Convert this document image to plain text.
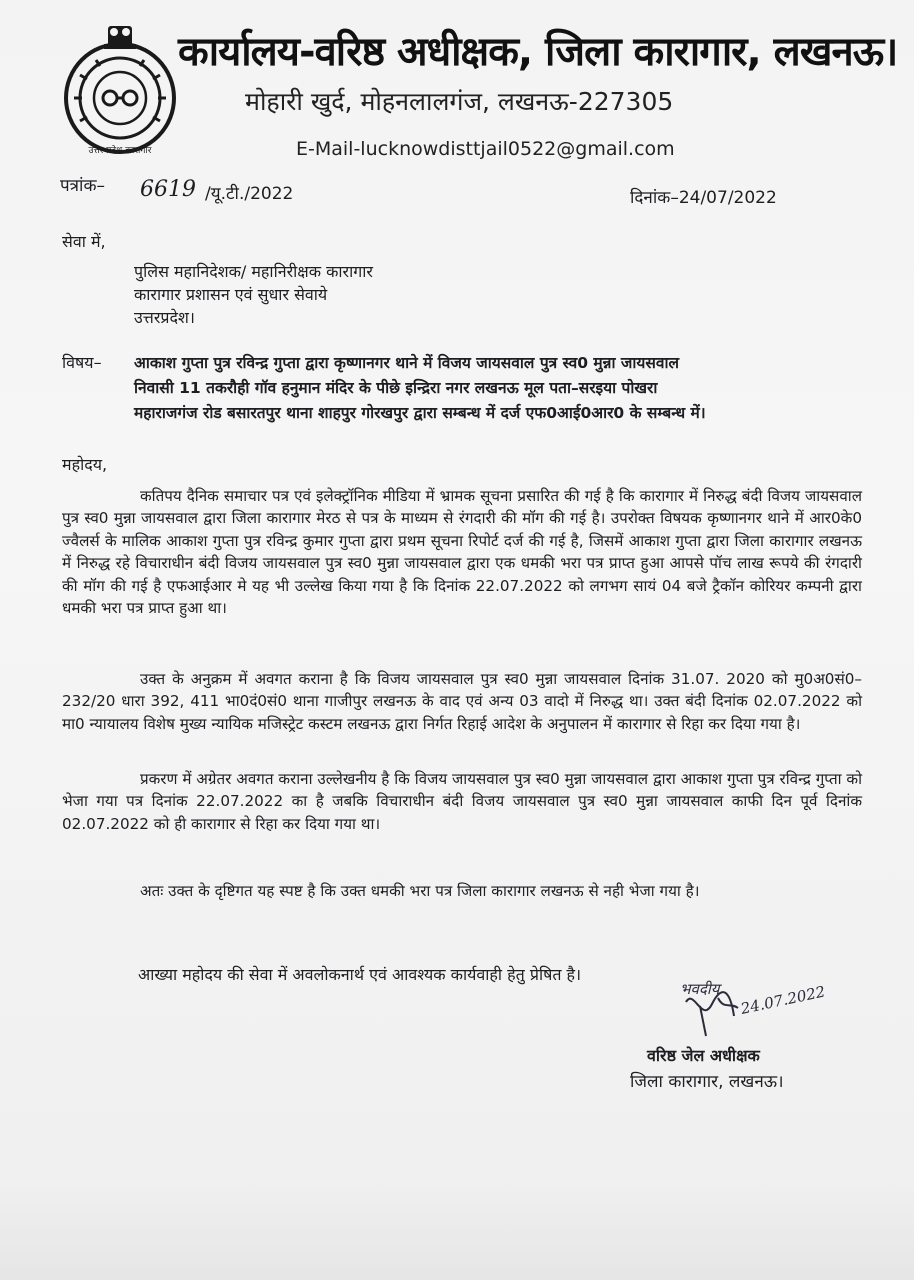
उत्तर प्रदेश कारागार
कार्यालय-वरिष्ठ अधीक्षक, जिला कारागार, लखनऊ।
मोहारी खुर्द, मोहनलालगंज, लखनऊ-227305
E-Mail-lucknowdisttjail0522@gmail.com
पत्रांक– 6619 /यू.टी./2022	दिनांक–24/07/2022
सेवा में,
पुलिस महानिदेशक/ महानिरीक्षक कारागार
कारागार प्रशासन एवं सुधार सेवाये
उत्तरप्रदेश।
विषय– आकाश गुप्ता पुत्र रविन्द्र गुप्ता द्वारा कृष्णानगर थाने में विजय जायसवाल पुत्र स्व0 मुन्ना जायसवाल
निवासी 11 तकरौही गॉव हनुमान मंदिर के पीछे इन्द्रिरा नगर लखनऊ मूल पता–सरइया पोखरा
महाराजगंज रोड बसारतपुर थाना शाहपुर गोरखपुर द्वारा सम्बन्ध में दर्ज एफ0आई0आर0 के सम्बन्ध में।
महोदय,

कतिपय दैनिक समाचार पत्र एवं इलेक्ट्रॉनिक मीडिया में भ्रामक सूचना प्रसारित की गई है कि कारागार में निरुद्ध बंदी विजय जायसवाल पुत्र स्व0 मुन्ना जायसवाल द्वारा जिला कारागार मेरठ से पत्र के माध्यम से रंगदारी की मॉग की गई है। उपरोक्त विषयक कृष्णानगर थाने में आर0के0 ज्वैलर्स के मालिक आकाश गुप्ता पुत्र रविन्द्र कुमार गुप्ता द्वारा प्रथम सूचना रिपोर्ट दर्ज की गई है, जिसमें आकाश गुप्ता द्वारा जिला कारागार लखनऊ में निरुद्ध रहे विचाराधीन बंदी विजय जायसवाल पुत्र स्व0 मुन्ना जायसवाल द्वारा एक धमकी भरा पत्र प्राप्त हुआ आपसे पॉच लाख रूपये की रंगदारी की मॉग की गई है एफआईआर मे यह भी उल्लेख किया गया है कि दिनांक 22.07.2022 को लगभग सायं 04 बजे ट्रैकॉन कोरियर कम्पनी द्वारा धमकी भरा पत्र प्राप्त हुआ था।

उक्त के अनुक्रम में अवगत कराना है कि विजय जायसवाल पुत्र स्व0 मुन्ना जायसवाल दिनांक 31.07. 2020 को मु0अ0सं0–232/20 धारा 392, 411 भा0दं0सं0 थाना गाजीपुर लखनऊ के वाद एवं अन्य 03 वादो में निरुद्ध था। उक्त बंदी दिनांक 02.07.2022 को मा0 न्यायालय विशेष मुख्य न्यायिक मजिस्ट्रेट कस्टम लखनऊ द्वारा निर्गत रिहाई आदेश के अनुपालन में कारागार से रिहा कर दिया गया है।

प्रकरण में अग्रेतर अवगत कराना उल्लेखनीय है कि विजय जायसवाल पुत्र स्व0 मुन्ना जायसवाल द्वारा आकाश गुप्ता पुत्र रविन्द्र गुप्ता को भेजा गया पत्र दिनांक 22.07.2022 का है जबकि विचाराधीन बंदी विजय जायसवाल पुत्र स्व0 मुन्ना जायसवाल काफी दिन पूर्व दिनांक 02.07.2022 को ही कारागार से रिहा कर दिया गया था।

अतः उक्त के दृष्टिगत यह स्पष्ट है कि उक्त धमकी भरा पत्र जिला कारागार लखनऊ से नही भेजा गया है।

आख्या महोदय की सेवा में अवलोकनार्थ एवं आवश्यक कार्यवाही हेतु प्रेषित है।
भवदीय 24.07.2022
वरिष्ठ जेल अधीक्षक
जिला कारागार, लखनऊ।
